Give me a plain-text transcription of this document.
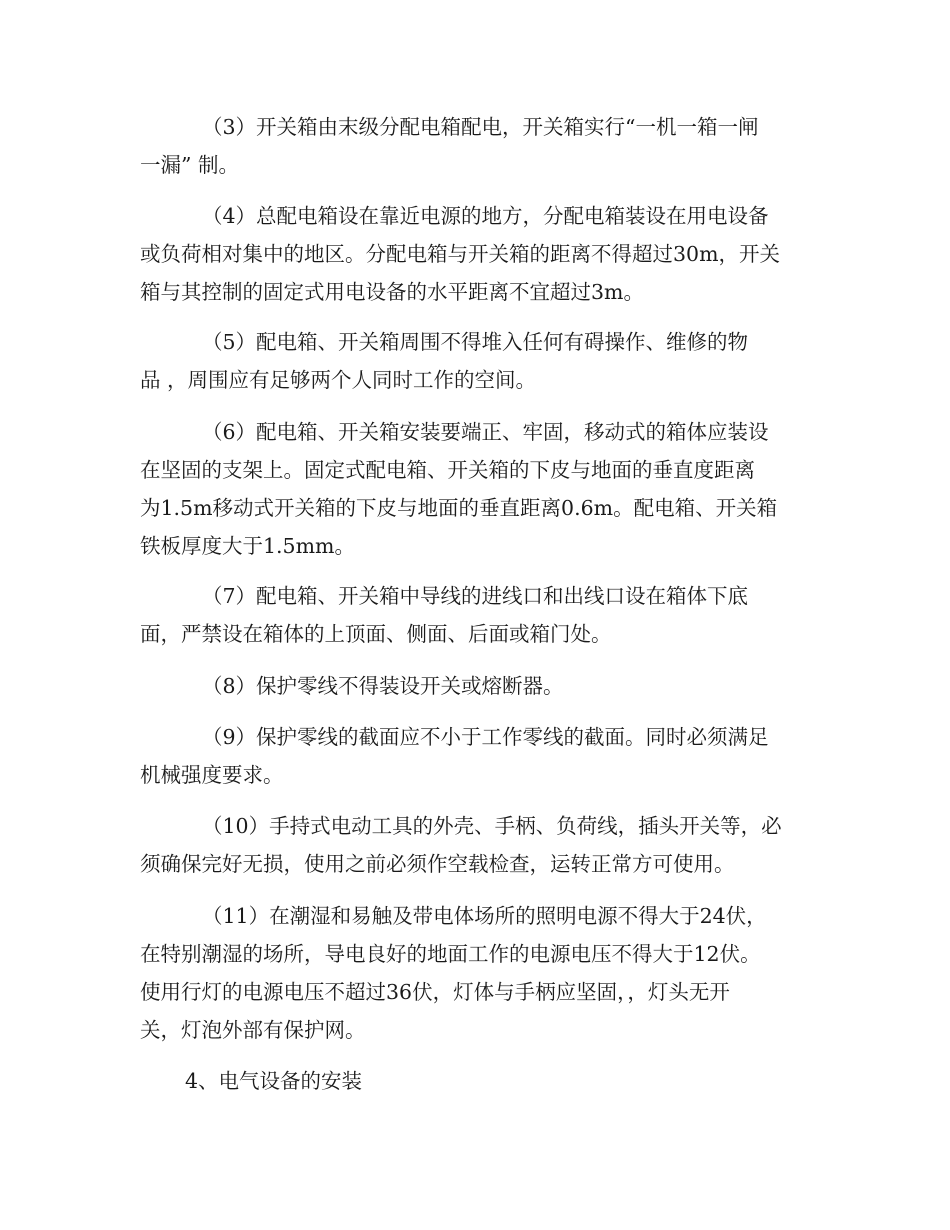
（3）开关箱由末级分配电箱配电，开关箱实行“一机一箱一闸
一漏” 制。
（4）总配电箱设在靠近电源的地方，分配电箱装设在用电设备
或负荷相对集中的地区。分配电箱与开关箱的距离不得超过30m，开关
箱与其控制的固定式用电设备的水平距离不宜超过3m。
（5）配电箱、开关箱周围不得堆入任何有碍操作、维修的物
品 ，周围应有足够两个人同时工作的空间。
（6）配电箱、开关箱安装要端正、牢固，移动式的箱体应装设
在坚固的支架上。固定式配电箱、开关箱的下皮与地面的垂直度距离
为1.5m移动式开关箱的下皮与地面的垂直距离0.6m。配电箱、开关箱
铁板厚度大于1.5mm。
（7）配电箱、开关箱中导线的进线口和出线口设在箱体下底
面，严禁设在箱体的上顶面、侧面、后面或箱门处。
（8）保护零线不得装设开关或熔断器。
（9）保护零线的截面应不小于工作零线的截面。同时必须满足
机械强度要求。
（10）手持式电动工具的外壳、手柄、负荷线，插头开关等，必
须确保完好无损，使用之前必须作空载检查，运转正常方可使用。
（11）在潮湿和易触及带电体场所的照明电源不得大于24伏，
在特别潮湿的场所，导电良好的地面工作的电源电压不得大于12伏。
使用行灯的电源电压不超过36伏，灯体与手柄应坚固，，灯头无开
关，灯泡外部有保护网。
4、电气设备的安装
